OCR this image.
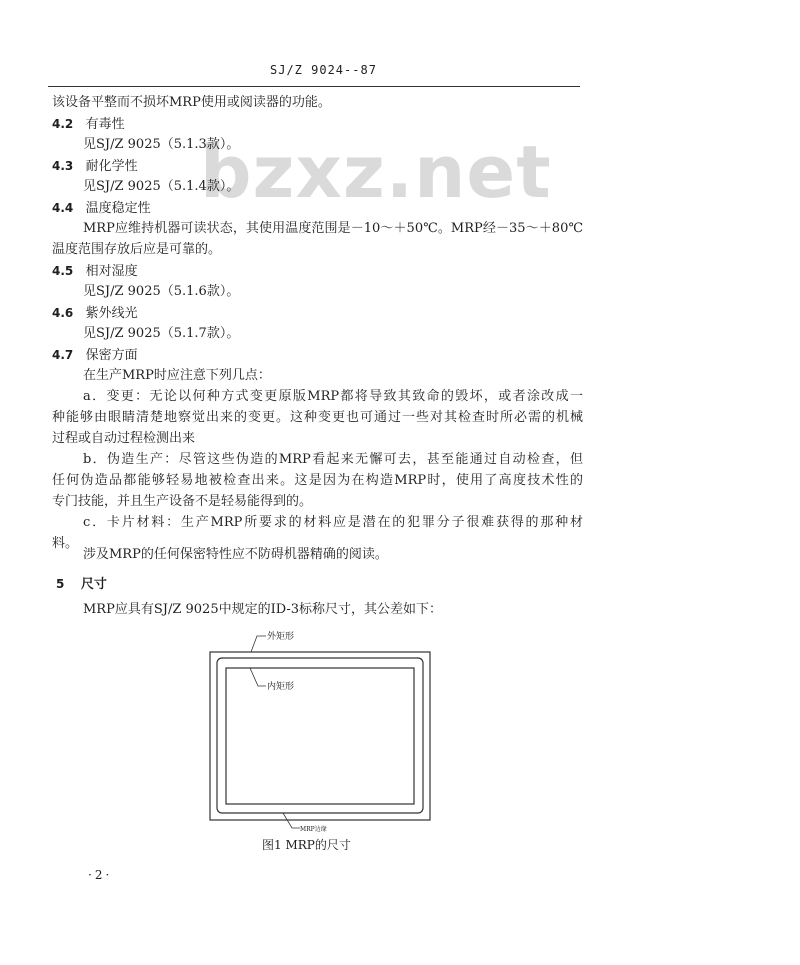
SJ/Z 9024--87
bzxz.net
该设备平整而不损坏MRP使用或阅读器的功能。
4.2 有毒性
见SJ/Z 9025（5.1.3款）。
4.3 耐化学性
见SJ/Z 9025（5.1.4款）。
4.4 温度稳定性
MRP应维持机器可读状态，其使用温度范围是－10～＋50℃。MRP经－35～＋80℃
温度范围存放后应是可靠的。
4.5 相对湿度
见SJ/Z 9025（5.1.6款）。
4.6 紫外线光
见SJ/Z 9025（5.1.7款）。
4.7 保密方面
在生产MRP时应注意下列几点：
a．变更：无论以何种方式变更原版MRP都将导致其致命的毁坏，或者涂改成一
种能够由眼睛清楚地察觉出来的变更。这种变更也可通过一些对其检查时所必需的机械
过程或自动过程检测出来
b．伪造生产：尽管这些伪造的MRP看起来无懈可去，甚至能通过自动检查，但
任何伪造品都能够轻易地被检查出来。这是因为在构造MRP时，使用了高度技术性的
专门技能，并且生产设备不是轻易能得到的。
c．卡片材料：生产MRP所要求的材料应是潜在的犯罪分子很难获得的那种材
料。
涉及MRP的任何保密特性应不防碍机器精确的阅读。
5 尺寸
MRP应具有SJ/Z 9025中规定的ID-3标称尺寸，其公差如下：
外矩形
内矩形
MRP边缘
图1 MRP的尺寸
·2·
